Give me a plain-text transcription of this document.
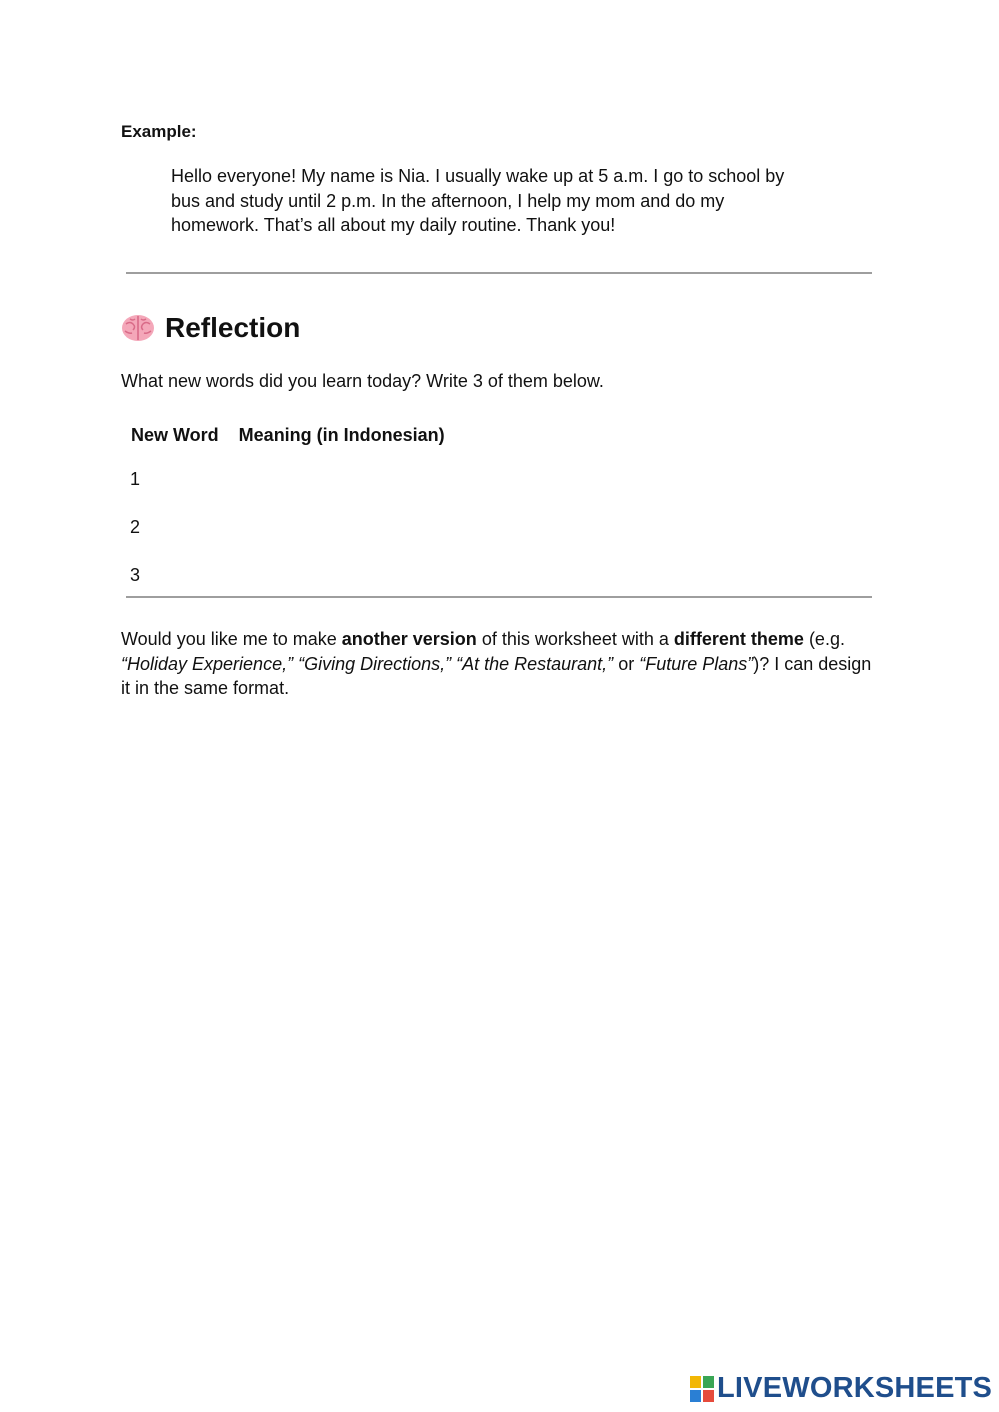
Example:
Hello everyone! My name is Nia. I usually wake up at 5 a.m. I go to school by bus and study until 2 p.m. In the afternoon, I help my mom and do my homework. That’s all about my daily routine. Thank you!
Reflection
What new words did you learn today? Write 3 of them below.
New Word	Meaning (in Indonesian)
1	
2	
3	

Would you like me to make another version of this worksheet with a different theme (e.g. “Holiday Experience,” “Giving Directions,” “At the Restaurant,” or “Future Plans”)? I can design it in the same format.

LIVEWORKSHEETS
